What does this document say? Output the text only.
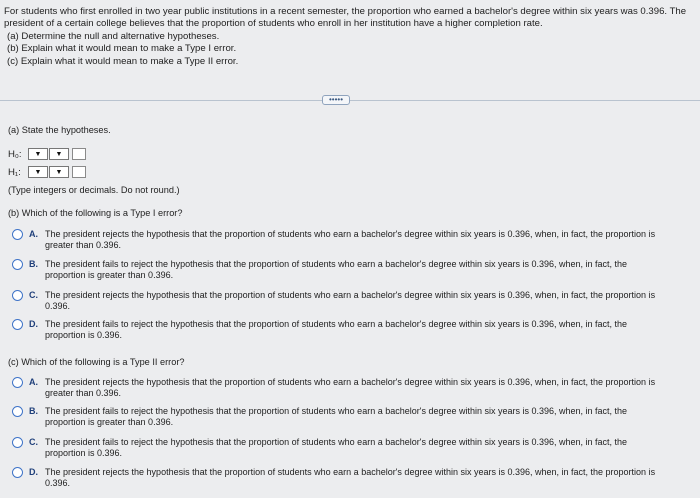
For students who first enrolled in two year public institutions in a recent semester, the proportion who earned a bachelor's degree within six years was 0.396. The president of a certain college believes that the proportion of students who enroll in her institution have a higher completion rate.

(a) Determine the null and alternative hypotheses.

(b) Explain what it would mean to make a Type I error.

(c) Explain what it would mean to make a Type II error.

•••••
(a) State the hypotheses.
H₀:	▼ ▼
H₁:	▼ ▼
(Type integers or decimals. Do not round.)
(b) Which of the following is a Type I error?
A. The president rejects the hypothesis that the proportion of students who earn a bachelor's degree within six years is 0.396, when, in fact, the proportion is greater than 0.396.
B. The president fails to reject the hypothesis that the proportion of students who earn a bachelor's degree within six years is 0.396, when, in fact, the proportion is greater than 0.396.
C. The president rejects the hypothesis that the proportion of students who earn a bachelor's degree within six years is 0.396, when, in fact, the proportion is 0.396.
D. The president fails to reject the hypothesis that the proportion of students who earn a bachelor's degree within six years is 0.396, when, in fact, the proportion is 0.396.
(c) Which of the following is a Type II error?
A. The president rejects the hypothesis that the proportion of students who earn a bachelor's degree within six years is 0.396, when, in fact, the proportion is greater than 0.396.
B. The president fails to reject the hypothesis that the proportion of students who earn a bachelor's degree within six years is 0.396, when, in fact, the proportion is greater than 0.396.
C. The president fails to reject the hypothesis that the proportion of students who earn a bachelor's degree within six years is 0.396, when, in fact, the proportion is 0.396.
D. The president rejects the hypothesis that the proportion of students who earn a bachelor's degree within six years is 0.396, when, in fact, the proportion is 0.396.
